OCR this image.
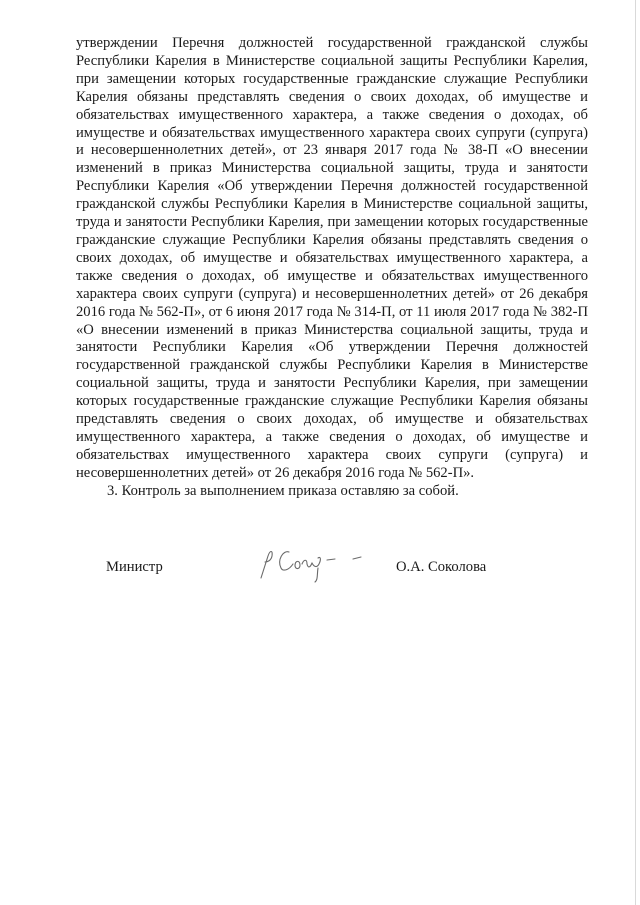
утверждении Перечня должностей государственной гражданской службы Республики Карелия в Министерстве социальной защиты Республики Карелия, при замещении которых государственные гражданские служащие Республики Карелия обязаны представлять сведения о своих доходах, об имуществе и обязательствах имущественного характера, а также сведения о доходах, об имуществе и обязательствах имущественного характера своих супруги (супруга) и несовершеннолетних детей», от 23 января 2017 года № 38-П «О внесении изменений в приказ Министерства социальной защиты, труда и занятости Республики Карелия «Об утверждении Перечня должностей государственной гражданской службы Республики Карелия в Министерстве социальной защиты, труда и занятости Республики Карелия, при замещении которых государственные гражданские служащие Республики Карелия обязаны представлять сведения о своих доходах, об имуществе и обязательствах имущественного характера, а также сведения о доходах, об имуществе и обязательствах имущественного характера своих супруги (супруга) и несовершеннолетних детей» от 26 декабря 2016 года № 562-П», от 6 июня 2017 года № 314-П, от 11 июля 2017 года № 382-П «О внесении изменений в приказ Министерства социальной защиты, труда и занятости Республики Карелия «Об утверждении Перечня должностей государственной гражданской службы Республики Карелия в Министерстве социальной защиты, труда и занятости Республики Карелия, при замещении которых государственные гражданские служащие Республики Карелия обязаны представлять сведения о своих доходах, об имуществе и обязательствах имущественного характера, а также сведения о доходах, об имуществе и обязательствах имущественного характера своих супруги (супруга) и несовершеннолетних детей» от 26 декабря 2016 года № 562-П».

3. Контроль за выполнением приказа оставляю за собой.

Министр	О.А. Соколова
